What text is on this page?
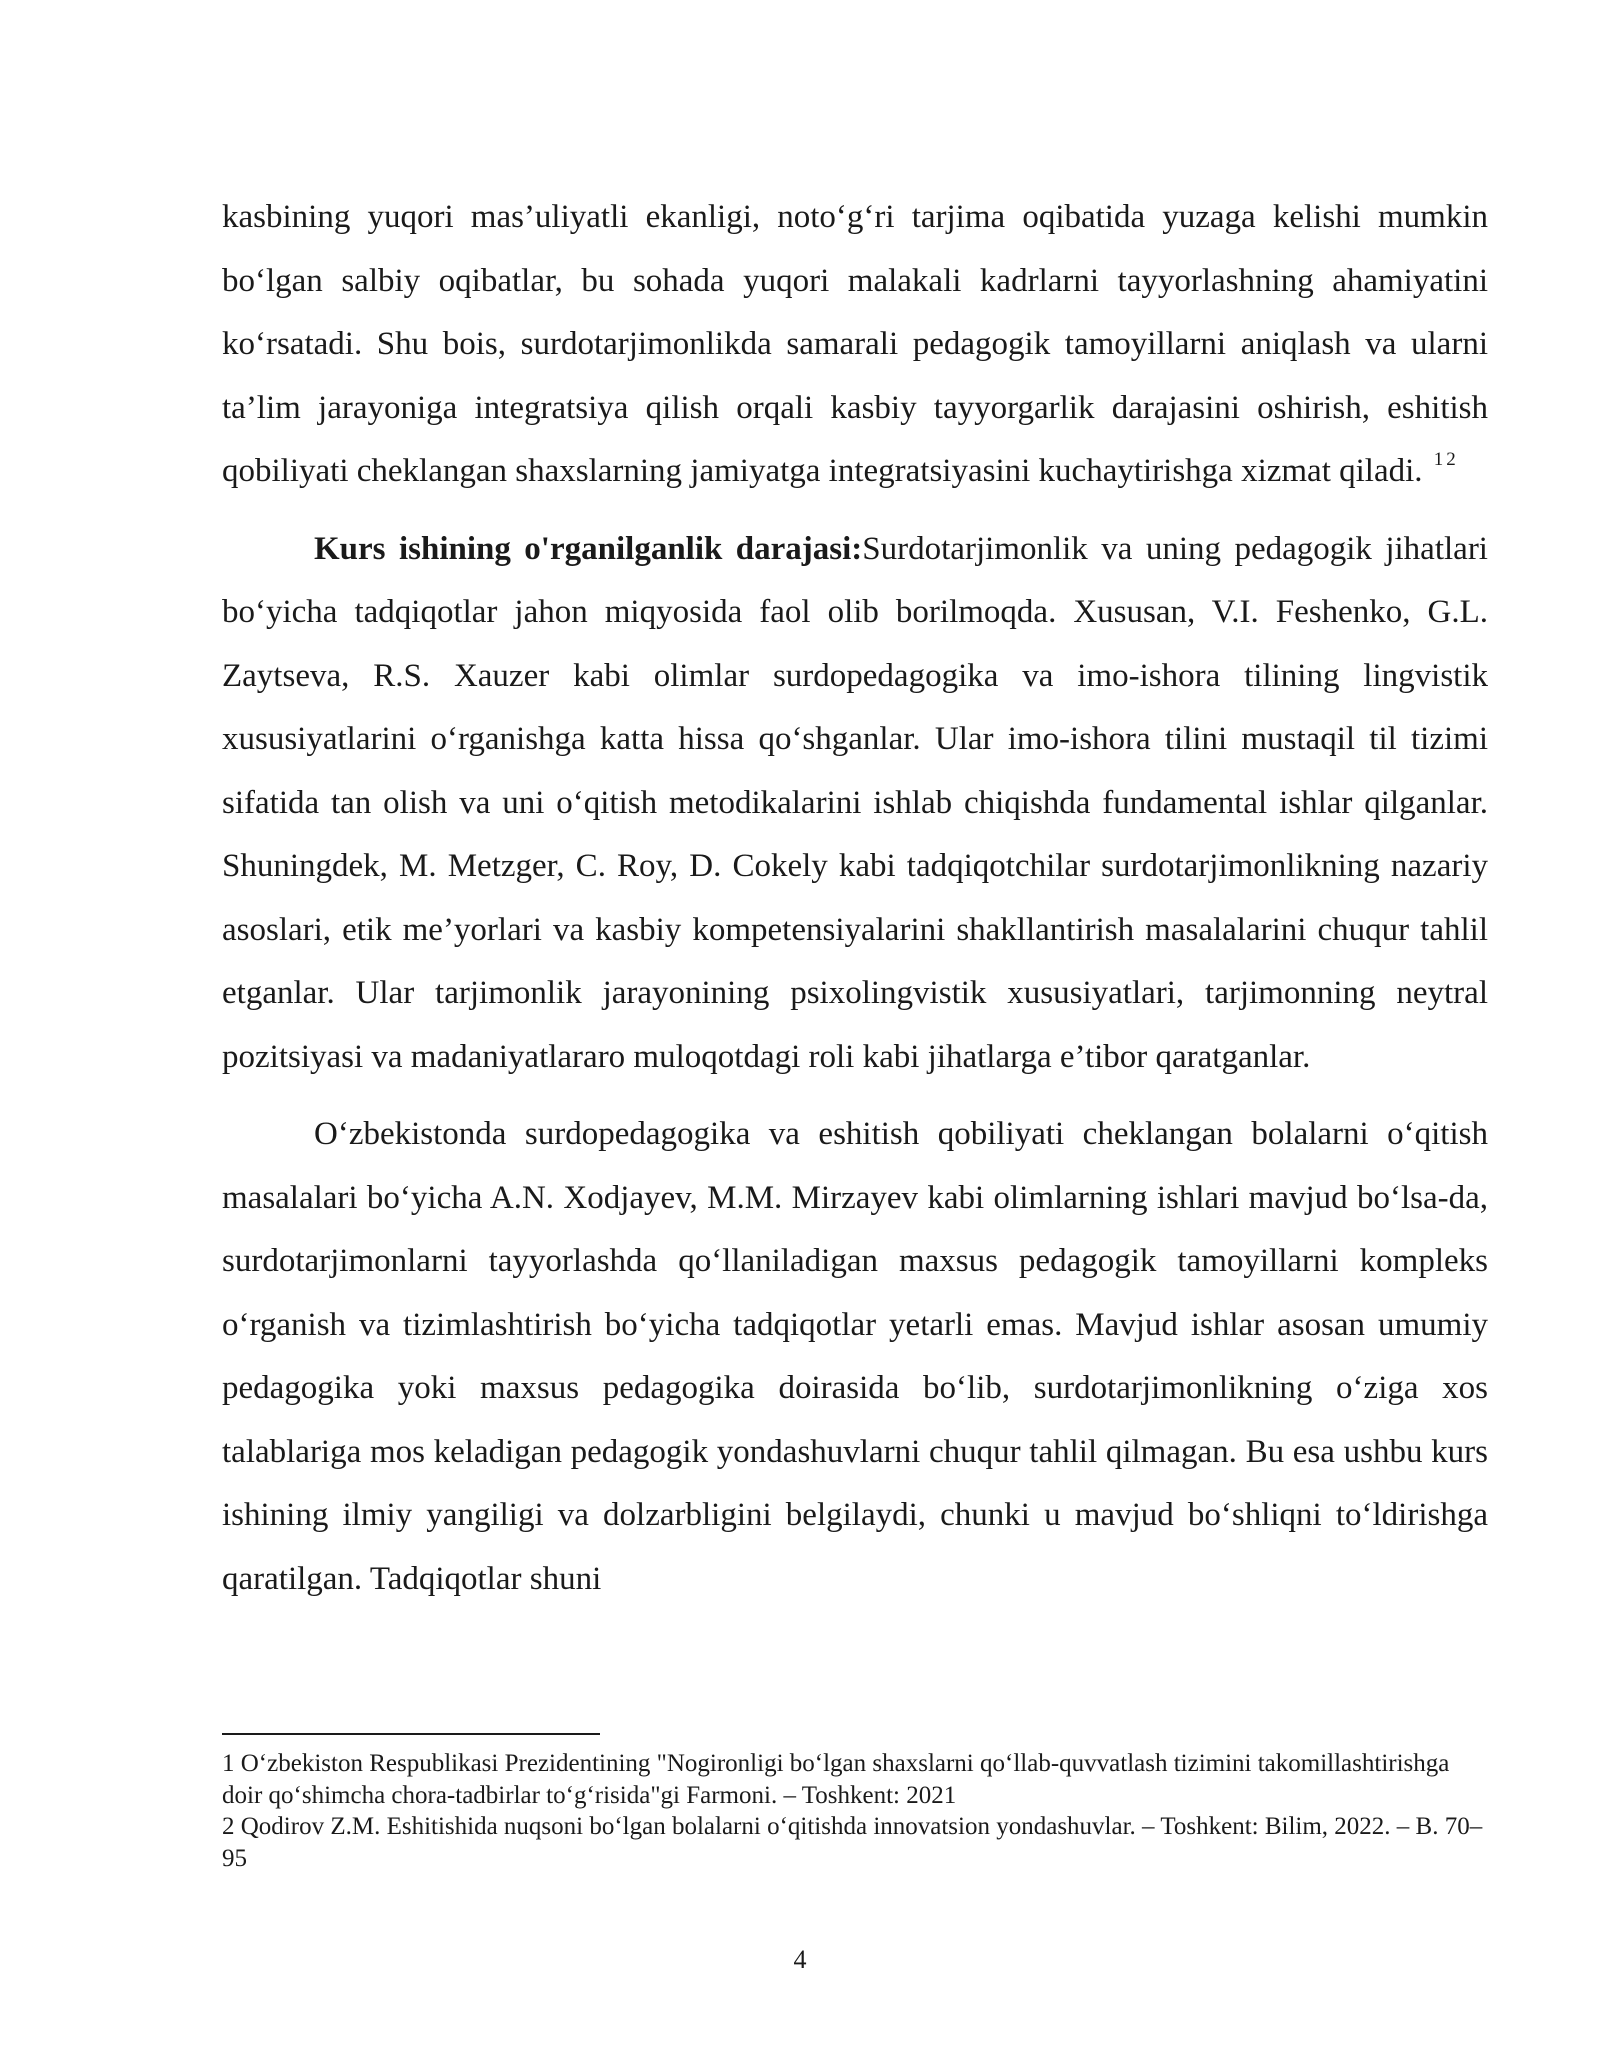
kasbining yuqori mas’uliyatli ekanligi, noto‘g‘ri tarjima oqibatida yuzaga kelishi mumkin bo‘lgan salbiy oqibatlar, bu sohada yuqori malakali kadrlarni tayyorlashning ahamiyatini ko‘rsatadi. Shu bois, surdotarjimonlikda samarali pedagogik tamoyillarni aniqlash va ularni ta’lim jarayoniga integratsiya qilish orqali kasbiy tayyorgarlik darajasini oshirish, eshitish qobiliyati cheklangan shaxslarning jamiyatga integratsiyasini kuchaytirishga xizmat qiladi. $^1$ $^2$

Kurs ishining o'rganilganlik darajasi:Surdotarjimonlik va uning pedagogik jihatlari bo‘yicha tadqiqotlar jahon miqyosida faol olib borilmoqda. Xususan, V.I. Feshenko, G.L. Zaytseva, R.S. Xauzer kabi olimlar surdopedagogika va imo-ishora tilining lingvistik xususiyatlarini o‘rganishga katta hissa qo‘shganlar. Ular imo-ishora tilini mustaqil til tizimi sifatida tan olish va uni o‘qitish metodikalarini ishlab chiqishda fundamental ishlar qilganlar. Shuningdek, M. Metzger, C. Roy, D. Cokely kabi tadqiqotchilar surdotarjimonlikning nazariy asoslari, etik me’yorlari va kasbiy kompetensiyalarini shakllantirish masalalarini chuqur tahlil etganlar. Ular tarjimonlik jarayonining psixolingvistik xususiyatlari, tarjimonning neytral pozitsiyasi va madaniyatlararo muloqotdagi roli kabi jihatlarga e’tibor qaratganlar.

O‘zbekistonda surdopedagogika va eshitish qobiliyati cheklangan bolalarni o‘qitish masalalari bo‘yicha A.N. Xodjayev, M.M. Mirzayev kabi olimlarning ishlari mavjud bo‘lsa-da, surdotarjimonlarni tayyorlashda qo‘llaniladigan maxsus pedagogik tamoyillarni kompleks o‘rganish va tizimlashtirish bo‘yicha tadqiqotlar yetarli emas. Mavjud ishlar asosan umumiy pedagogika yoki maxsus pedagogika doirasida bo‘lib, surdotarjimonlikning o‘ziga xos talablariga mos keladigan pedagogik yondashuvlarni chuqur tahlil qilmagan. Bu esa ushbu kurs ishining ilmiy yangiligi va dolzarbligini belgilaydi, chunki u mavjud bo‘shliqni to‘ldirishga qaratilgan. Tadqiqotlar shuni

1 O‘zbekiston Respublikasi Prezidentining "Nogironligi bo‘lgan shaxslarni qo‘llab-quvvatlash tizimini takomillashtirishga doir qo‘shimcha chora-tadbirlar to‘g‘risida"gi Farmoni. – Toshkent: 2021

2 Qodirov Z.M. Eshitishida nuqsoni bo‘lgan bolalarni o‘qitishda innovatsion yondashuvlar. – Toshkent: Bilim, 2022. – B. 70–95

4
